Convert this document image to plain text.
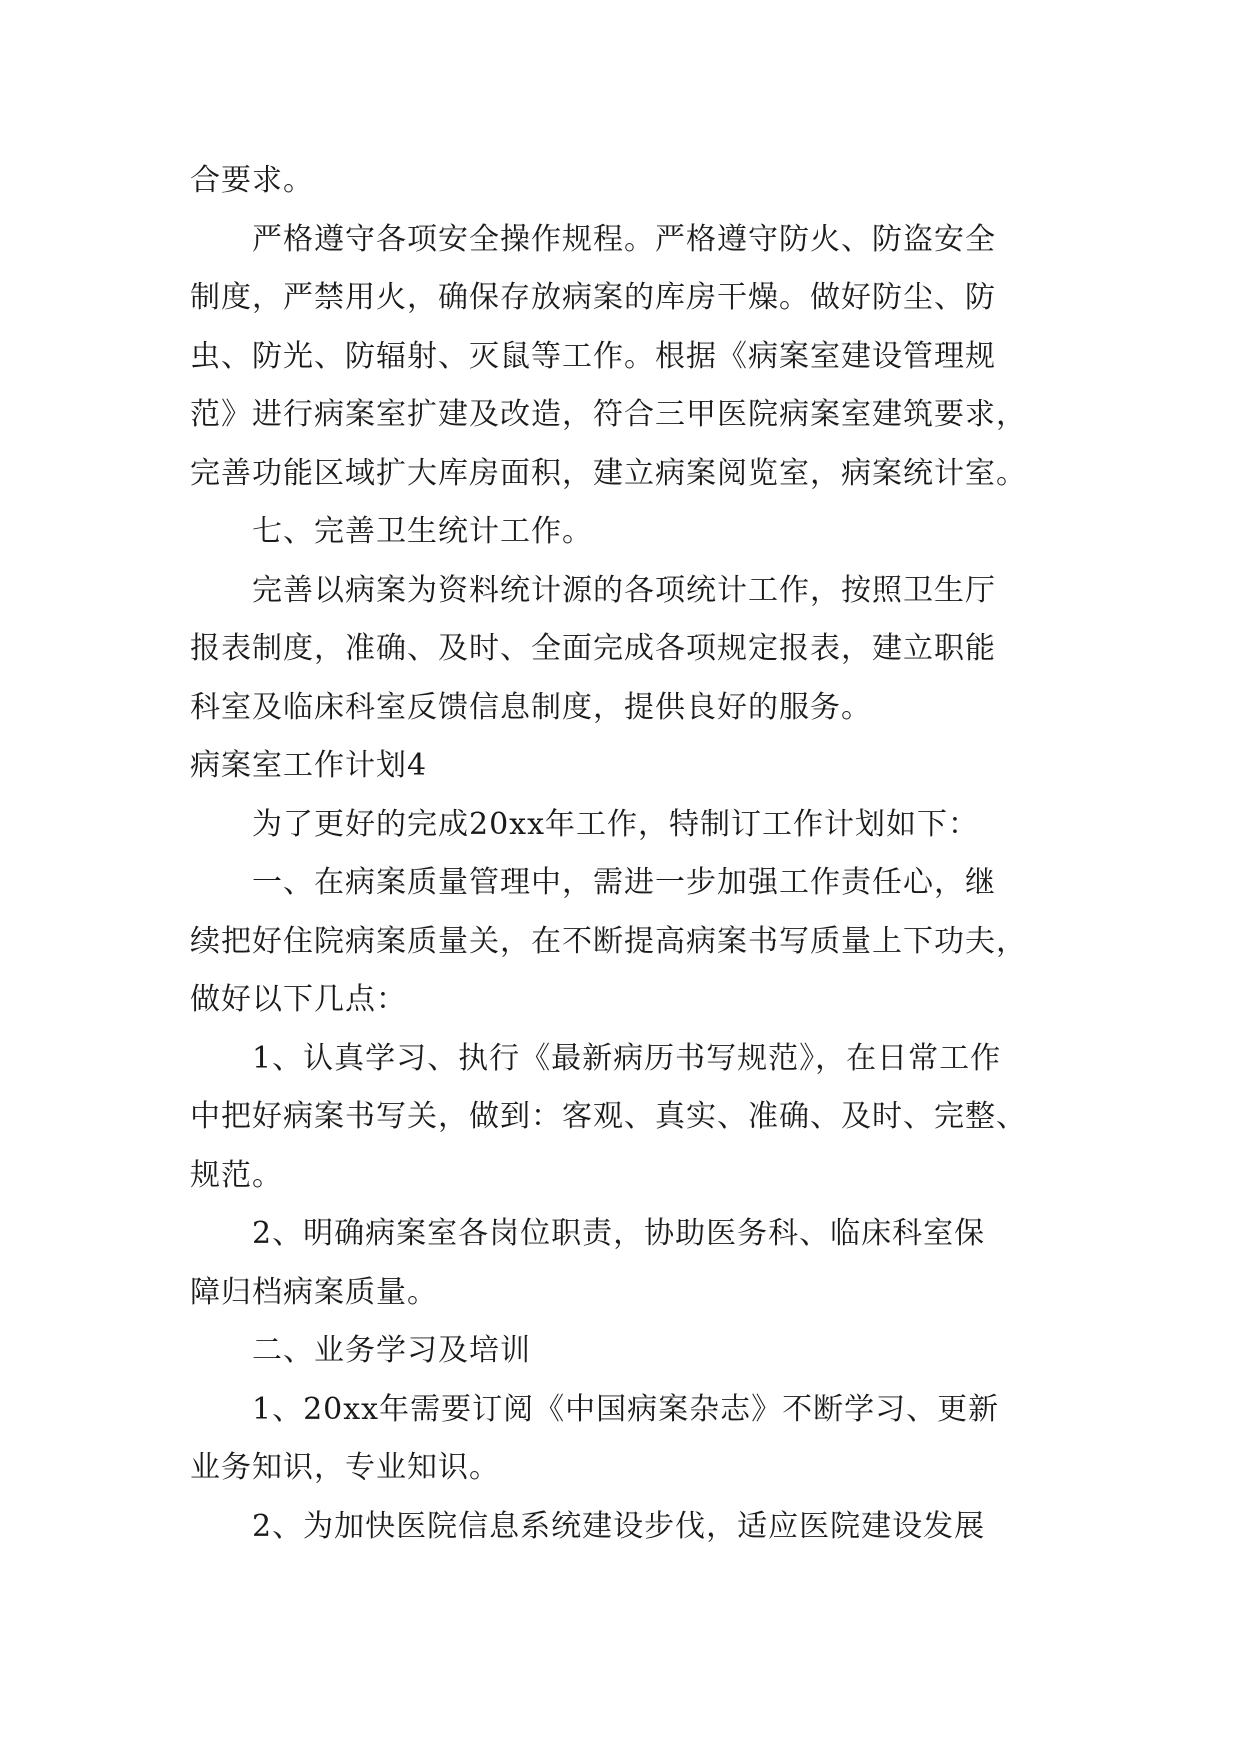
合要求。
严格遵守各项安全操作规程。严格遵守防火、防盗安全
制度，严禁用火，确保存放病案的库房干燥。做好防尘、防
虫、防光、防辐射、灭鼠等工作。根据《病案室建设管理规
范》进行病案室扩建及改造，符合三甲医院病案室建筑要求，
完善功能区域扩大库房面积，建立病案阅览室，病案统计室。
七、完善卫生统计工作。
完善以病案为资料统计源的各项统计工作，按照卫生厅
报表制度，准确、及时、全面完成各项规定报表，建立职能
科室及临床科室反馈信息制度，提供良好的服务。
病案室工作计划4
为了更好的完成20xx年工作，特制订工作计划如下：
一、在病案质量管理中，需进一步加强工作责任心，继
续把好住院病案质量关，在不断提高病案书写质量上下功夫，
做好以下几点：
1、认真学习、执行《最新病历书写规范》，在日常工作
中把好病案书写关，做到：客观、真实、准确、及时、完整、
规范。
2、明确病案室各岗位职责，协助医务科、临床科室保
障归档病案质量。
二、业务学习及培训
1、20xx年需要订阅《中国病案杂志》不断学习、更新
业务知识，专业知识。
2、为加快医院信息系统建设步伐，适应医院建设发展
